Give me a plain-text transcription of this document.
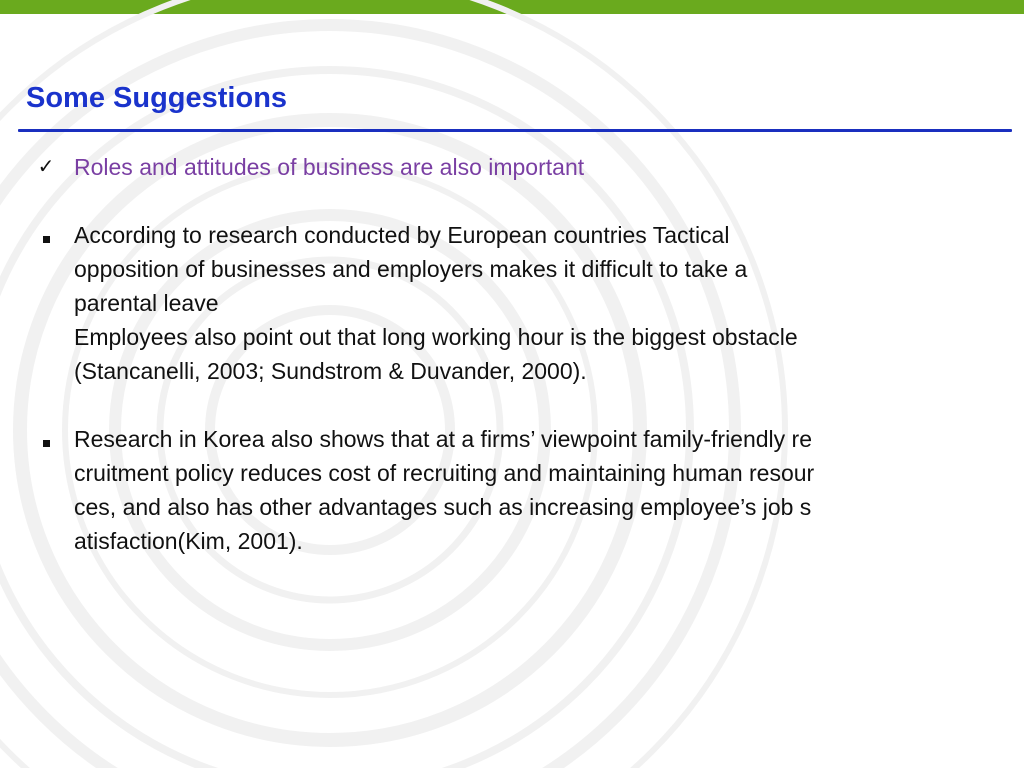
Some Suggestions
✓ Roles and attitudes of business are also important
According to research conducted by European countries Tactical
opposition of businesses and employers makes it difficult to take a
parental leave
Employees also point out that long working hour is the biggest obstacle
(Stancanelli, 2003; Sundstrom & Duvander, 2000).
Research in Korea also shows that at a firms’ viewpoint family-friendly re
cruitment policy reduces cost of recruiting and maintaining human resour
ces, and also has other advantages such as increasing employee’s job s
atisfaction(Kim, 2001).
